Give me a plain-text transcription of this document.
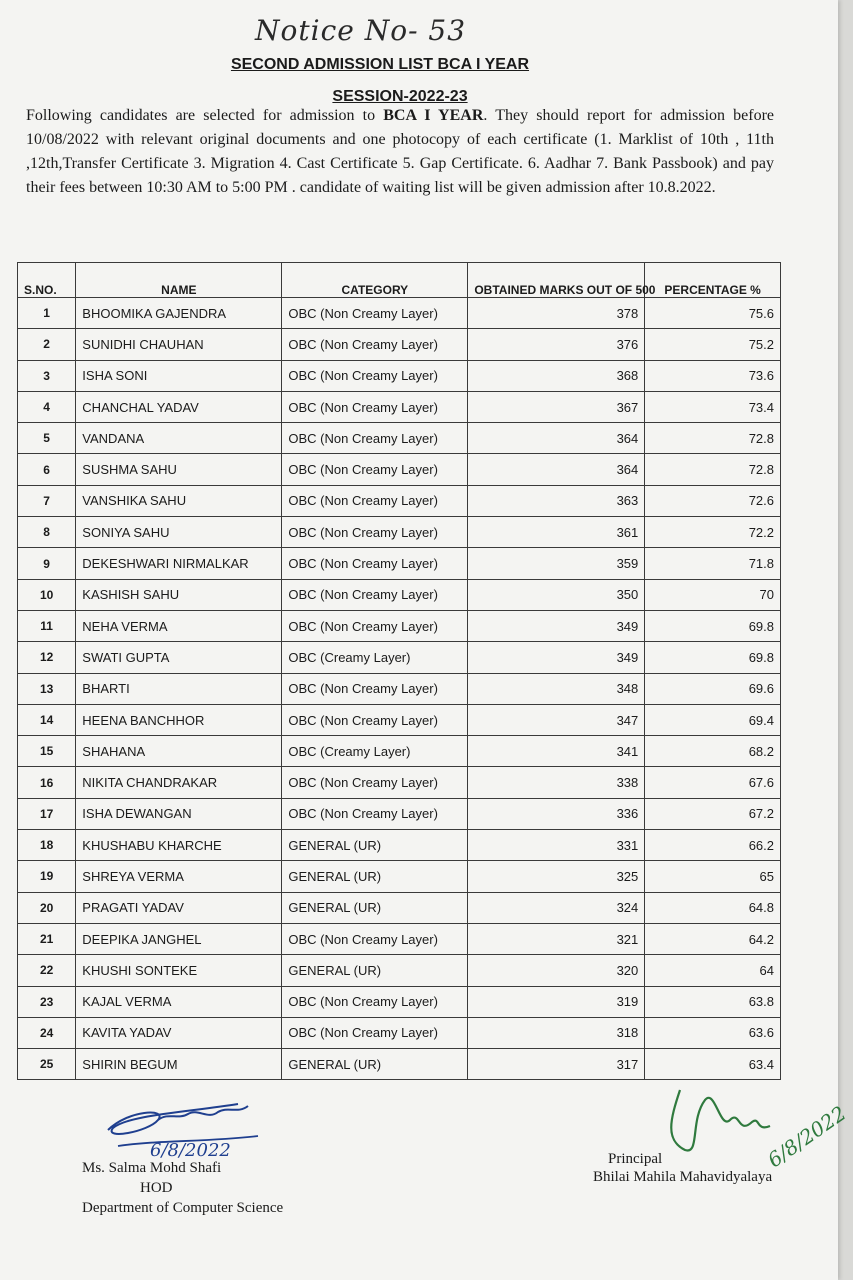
Notice No- 53
SECOND ADMISSION LIST BCA I YEAR
SESSION-2022-23

Following candidates are selected for admission to BCA I YEAR. They should report for admission before 10/08/2022 with relevant original documents and one photocopy of each certificate (1. Marklist of 10th , 11th ,12th,Transfer Certificate 3. Migration 4. Cast Certificate 5. Gap Certificate. 6. Aadhar 7. Bank Passbook) and pay their fees between 10:30 AM to 5:00 PM . candidate of waiting list will be given admission after 10.8.2022.

S.NO.	NAME	CATEGORY	OBTAINED MARKS OUT OF 500	PERCENTAGE %
1	BHOOMIKA GAJENDRA	OBC (Non Creamy Layer)	378	75.6
2	SUNIDHI CHAUHAN	OBC (Non Creamy Layer)	376	75.2
3	ISHA SONI	OBC (Non Creamy Layer)	368	73.6
4	CHANCHAL YADAV	OBC (Non Creamy Layer)	367	73.4
5	VANDANA	OBC (Non Creamy Layer)	364	72.8
6	SUSHMA SAHU	OBC (Non Creamy Layer)	364	72.8
7	VANSHIKA SAHU	OBC (Non Creamy Layer)	363	72.6
8	SONIYA SAHU	OBC (Non Creamy Layer)	361	72.2
9	DEKESHWARI NIRMALKAR	OBC (Non Creamy Layer)	359	71.8
10	KASHISH SAHU	OBC (Non Creamy Layer)	350	70
11	NEHA VERMA	OBC (Non Creamy Layer)	349	69.8
12	SWATI GUPTA	OBC (Creamy Layer)	349	69.8
13	BHARTI	OBC (Non Creamy Layer)	348	69.6
14	HEENA BANCHHOR	OBC (Non Creamy Layer)	347	69.4
15	SHAHANA	OBC (Creamy Layer)	341	68.2
16	NIKITA CHANDRAKAR	OBC (Non Creamy Layer)	338	67.6
17	ISHA DEWANGAN	OBC (Non Creamy Layer)	336	67.2
18	KHUSHABU KHARCHE	GENERAL (UR)	331	66.2
19	SHREYA VERMA	GENERAL (UR)	325	65
20	PRAGATI YADAV	GENERAL (UR)	324	64.8
21	DEEPIKA JANGHEL	OBC (Non Creamy Layer)	321	64.2
22	KHUSHI SONTEKE	GENERAL (UR)	320	64
23	KAJAL VERMA	OBC (Non Creamy Layer)	319	63.8
24	KAVITA YADAV	OBC (Non Creamy Layer)	318	63.6
25	SHIRIN BEGUM	GENERAL (UR)	317	63.4
6/8/2022
Ms. Salma Mohd Shafi
HOD
Department of Computer Science
6/8/2022
Principal
Bhilai Mahila Mahavidyalaya
